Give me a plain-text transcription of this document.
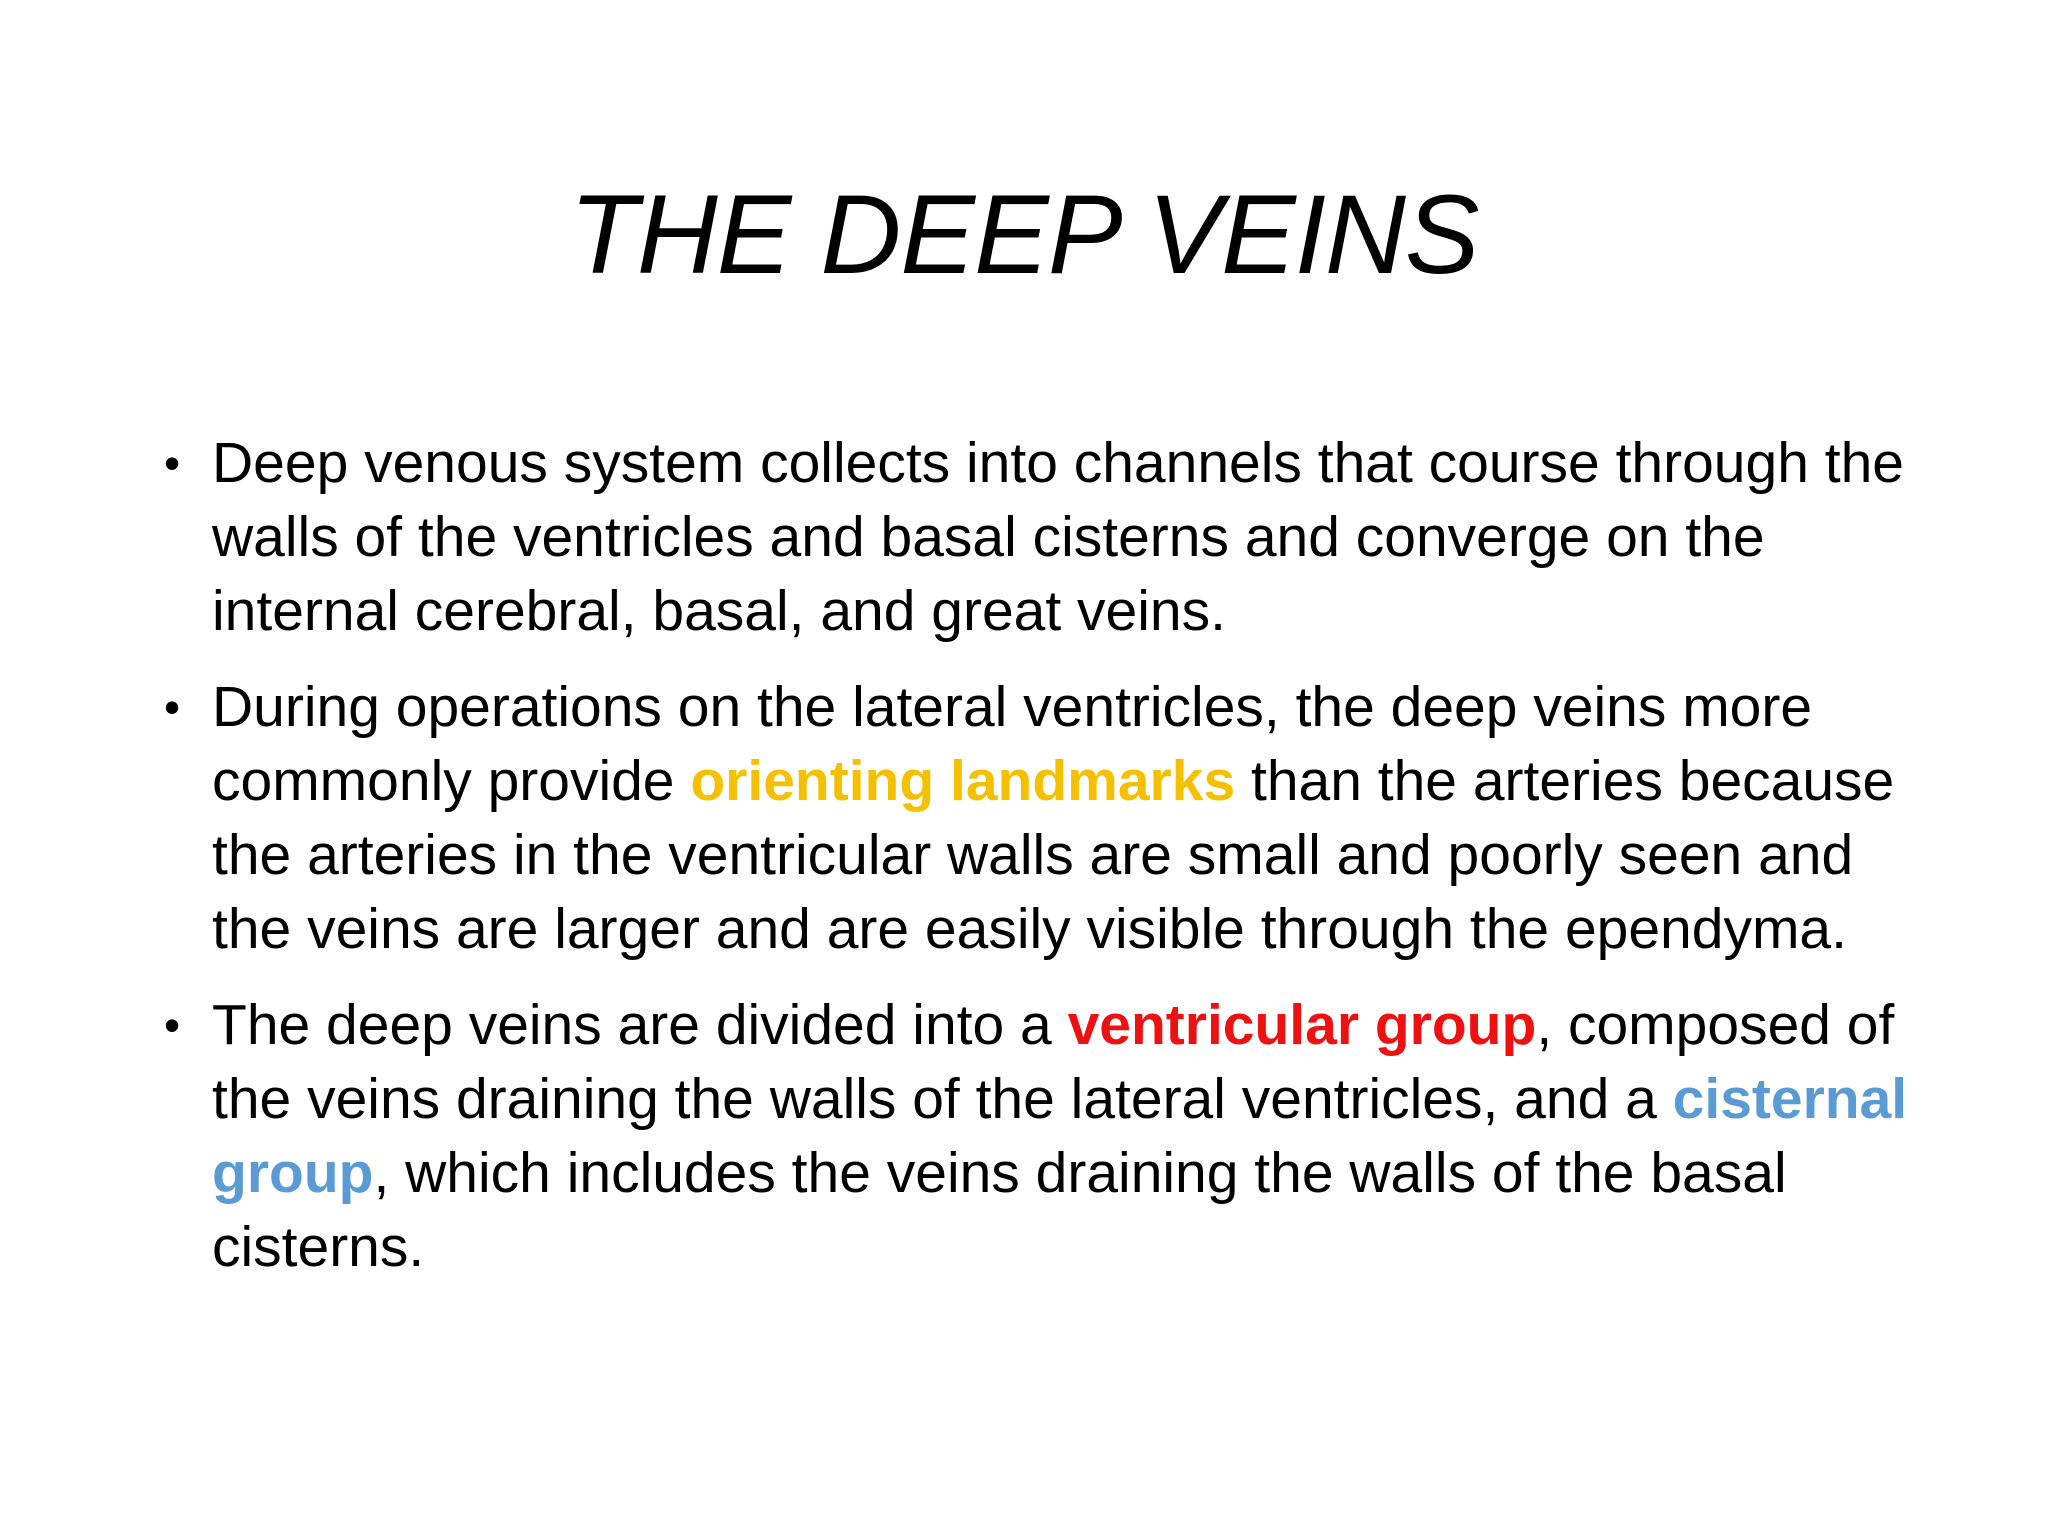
THE DEEP VEINS
• Deep venous system collects into channels that course through the walls of the ventricles and basal cisterns and converge on the internal cerebral, basal, and great veins.
• During operations on the lateral ventricles, the deep veins more commonly provide orienting landmarks than the arteries because the arteries in the ventricular walls are small and poorly seen and the veins are larger and are easily visible through the ependyma.
• The deep veins are divided into a ventricular group, composed of the veins draining the walls of the lateral ventricles, and a cisternal group, which includes the veins draining the walls of the basal cisterns.
